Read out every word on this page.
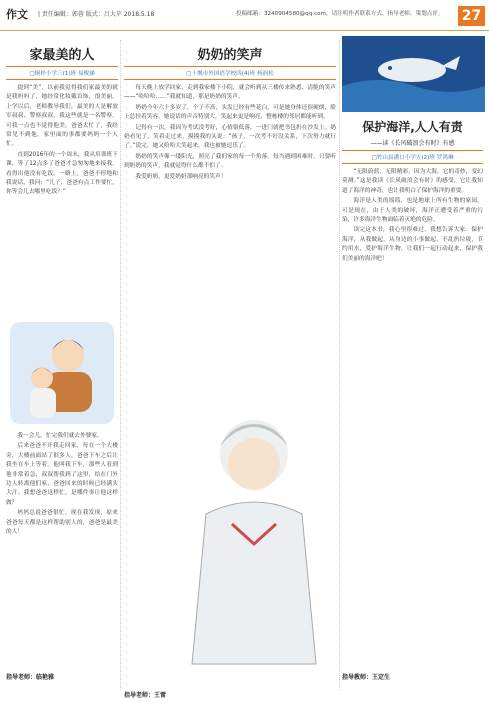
作文 | 责任编辑：郭蓉 版式：吕大苹 2018.5.18	投稿邮箱：3240904580@qq.com，请注明作者联系方式、指导老师、策划点评。 27
家最美的人
□铜梓小学三(1)班 易俊涵

提到“美”，以前我觉得我们家最美的就是我妈妈了，她经常化妆戴首饰，很美丽。上学以后，老师教导我们，最美的人是解放军叔叔、警察叔叔、我这些就是一名警察，可我一点也不觉得他美。爸爸太忙了，我经常见不到他。家里面的事都要妈妈一个人忙。

直到2016年的一个周末，我从培训班下课，等了12点多了爸爸才急匆匆地来接我，看得出他没有吃饭。一路上，爸爸不停地和我说话，我问：“儿子，爸爸有点工作要忙，你等会儿去哪里吃饭？”

我一会儿，忙完我们就去外婆家。

后来爸爸不开我走回家，每在一个大楼旁，大楼前面站了很多人，爸爸下车之后让我坐在车上等着。他叫我下车，那些人看到他非常着急，叔叔帮我到了这里，给在门外边人转离他们家，爸爸回来的时候已经满头大汗。我想爸爸这样忙，是哪件事让他这样做？

妈妈总说爸爸很忙。现在我发现，原来爸爸每天都是这样帮助别人的，爸爸是最美的人！

指导老师：临艳雅
奶奶的笑声
□十堰市外国语学校四(4)班 杨润松

每天晚上放学回家，走到我家楼下小院，就会听到从三楼传来熟悉、清脆的笑声——“哈哈哈……”我就知道，那是奶奶的笑声。

奶奶今年六十多岁了，个子不高，头发已经有些花白，可是她身体还很硬朗，脸上总挂着笑容。她说话的声音特别大，笑起来更是响亮，整栋楼的邻居都能听到。

记得有一次，我因为考试没考好，心情很低落，一进门就把书包扔在沙发上。奶奶看见了，笑着走过来，摸摸我的头说：“孩子，一次考不好没关系，下次努力就行了。”说完，她又哈哈大笑起来，我也被她逗乐了。

奶奶的笑声像一缕阳光，照亮了我们家的每一个角落。每当遇到困难时，只要听到奶奶的笑声，我就觉得什么都不怕了。

我爱奶奶，更爱奶奶那响亮的笑声！

指导老师：王雷
保护海洋,人人有责
——读《长风破浪会有时》有感
□竹山县潘口小学五(2)班 罗鸿琳

“无限蔚蓝，无限精彩，因为大海，它的奇妙，变幻莫测。”这是我读《长风破浪会有时》的感受，它让我知道了海洋的神奇，也让我明白了保护海洋的重要。

海洋是人类的摇篮，也是地球上所有生物的家园。可是现在，由于人类的破坏，海洋正遭受着严重的污染，许多海洋生物面临着灭绝的危险。

读完这本书，我心里很难过。我想告诉大家：保护海洋，从我做起，从身边的小事做起，不乱扔垃圾，节约用水，爱护海洋生物。让我们一起行动起来，保护我们美丽的海洋吧！

指导教师：王定生
